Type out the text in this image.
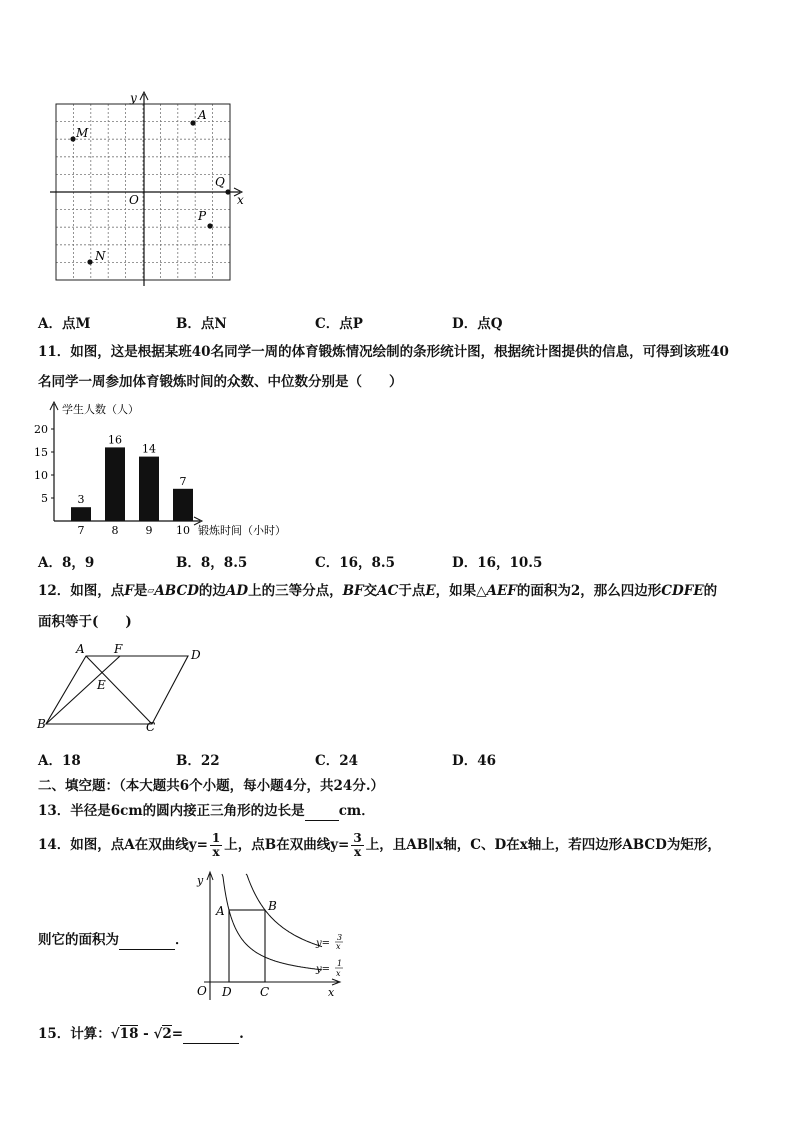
y
x
O
A
M
Q
P
N
A．点M	B．点N	C．点P	D．点Q
11．如图，这是根据某班40名同学一周的体育锻炼情况绘制的条形统计图，根据统计图提供的信息，可得到该班40
名同学一周参加体育锻炼时间的众数、中位数分别是（　　）
学生人数（人）
锻炼时间（小时）
3
7
16
8
14
9
7
10
5
10
15
20
A．8，9	B．8，8.5	C．16，8.5	D．16，10.5
12．如图，点F是▱ABCD的边AD上的三等分点，BF交AC于点E，如果△AEF的面积为2，那么四边形CDFE的
面积等于(　　)
A F	D
E
B	C
A．18	B．22	C．24	D．46
二、填空题：（本大题共6个小题，每小题4分，共24分.）
13．半径是6cm的圆内接正三角形的边长是	cm．
14．如图，点A在双曲线$y= \frac{1}{x}$ 上，点B在双曲线$y= \frac{3}{x}$ 上，且AB∥x轴，C、D在x轴上，若四边形ABCD为矩形，
则它的面积为	．
y
x
O D C
A	B
y=
3
x
y=
1
x
15．计算：√18 - √2=	.
